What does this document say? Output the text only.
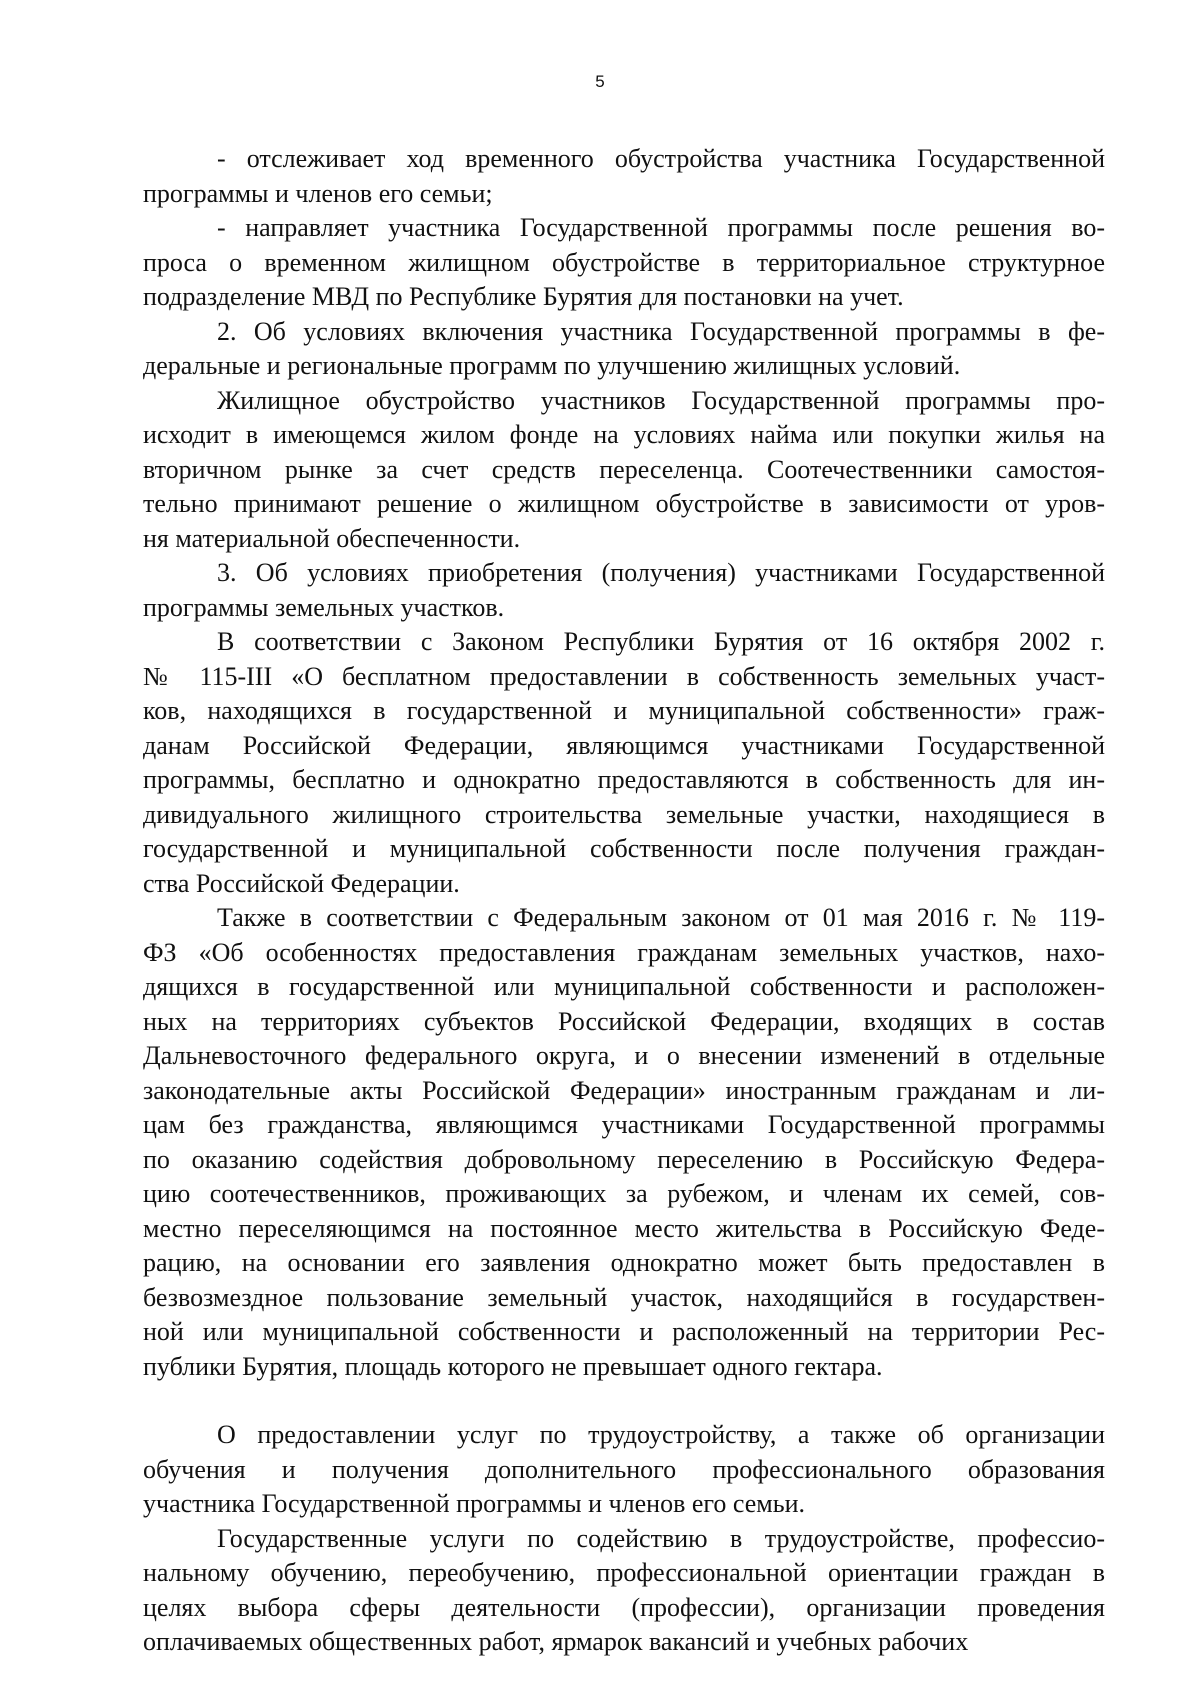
5
- отслеживает ход временного обустройства участника Государственной
программы и членов его семьи;
- направляет участника Государственной программы после решения во-
проса о временном жилищном обустройстве в территориальное структурное
подразделение МВД по Республике Бурятия для постановки на учет.
2. Об условиях включения участника Государственной программы в фе-
деральные и региональные программ по улучшению жилищных условий.
Жилищное обустройство участников Государственной программы про-
исходит в имеющемся жилом фонде на условиях найма или покупки жилья на
вторичном рынке за счет средств переселенца. Соотечественники самостоя-
тельно принимают решение о жилищном обустройстве в зависимости от уров-
ня материальной обеспеченности.
3. Об условиях приобретения (получения) участниками Государственной
программы земельных участков.
В соответствии с Законом Республики Бурятия от 16 октября 2002 г.
№ 115-III «О бесплатном предоставлении в собственность земельных участ-
ков, находящихся в государственной и муниципальной собственности» граж-
данам Российской Федерации, являющимся участниками Государственной
программы, бесплатно и однократно предоставляются в собственность для ин-
дивидуального жилищного строительства земельные участки, находящиеся в
государственной и муниципальной собственности после получения граждан-
ства Российской Федерации.
Также в соответствии с Федеральным законом от 01 мая 2016 г. № 119-
ФЗ «Об особенностях предоставления гражданам земельных участков, нахо-
дящихся в государственной или муниципальной собственности и расположен-
ных на территориях субъектов Российской Федерации, входящих в состав
Дальневосточного федерального округа, и о внесении изменений в отдельные
законодательные акты Российской Федерации» иностранным гражданам и ли-
цам без гражданства, являющимся участниками Государственной программы
по оказанию содействия добровольному переселению в Российскую Федера-
цию соотечественников, проживающих за рубежом, и членам их семей, сов-
местно переселяющимся на постоянное место жительства в Российскую Феде-
рацию, на основании его заявления однократно может быть предоставлен в
безвозмездное пользование земельный участок, находящийся в государствен-
ной или муниципальной собственности и расположенный на территории Рес-
публики Бурятия, площадь которого не превышает одного гектара.
О предоставлении услуг по трудоустройству, а также об организации
обучения и получения дополнительного профессионального образования
участника Государственной программы и членов его семьи.
Государственные услуги по содействию в трудоустройстве, профессио-
нальному обучению, переобучению, профессиональной ориентации граждан в
целях выбора сферы деятельности (профессии), организации проведения
оплачиваемых общественных работ, ярмарок вакансий и учебных рабочих
